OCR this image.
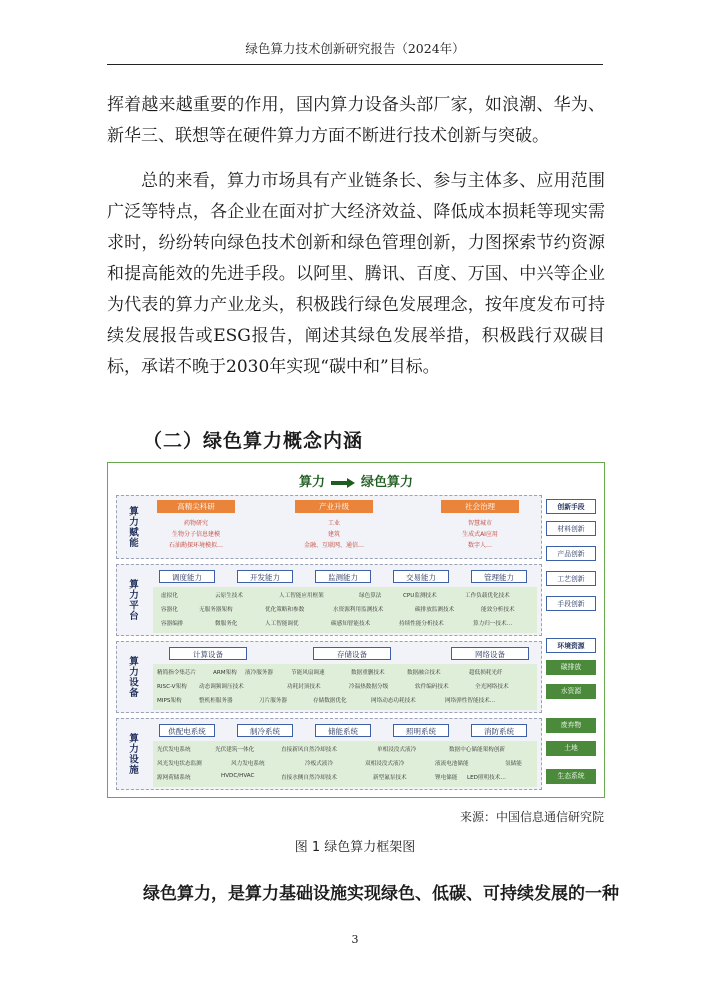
绿色算力技术创新研究报告（2024年）

挥着越来越重要的作用，国内算力设备头部厂家，如浪潮、华为、新华三、联想等在硬件算力方面不断进行技术创新与突破。

总的来看，算力市场具有产业链条长、参与主体多、应用范围广泛等特点，各企业在面对扩大经济效益、降低成本损耗等现实需求时，纷纷转向绿色技术创新和绿色管理创新，力图探索节约资源和提高能效的先进手段。以阿里、腾讯、百度、万国、中兴等企业为代表的算力产业龙头，积极践行绿色发展理念，按年度发布可持续发展报告或ESG报告，阐述其绿色发展举措，积极践行双碳目标，承诺不晚于2030年实现“碳中和”目标。

（二）绿色算力概念内涵
算力	绿色算力
算力赋能	高精尖科研	产业升级	社会治理
药物研究
生物分子信息建模
石油勘探环境模拟…
工业
建筑
金融、互联网、通信…
智慧城市
生成式AI应用
数字人…
算力平台
调度能力	开发能力	监测能力	交易能力	管理能力
虚拟化	云原生技术	人工智能应用框架	绿色算法	CPU监测技术	工作负载优化技术
容器化	无服务器架构	优化策略和参数	水资源利用监测技术	碳排放监测技术	能效分析技术
容器编排	微服务化	人工智能调优	碳感知智能技术	持续性能分析技术	算力归一技术…
算力设备
计算设备	存储设备	网络设备
精简指令集芯片	ARM架构 液冷服务器	节能风扇调速	数据重删技术	数据融合技术	超低损耗光纤
RISC-V架构 动态调频调压技术	功耗封顶技术	冷温热数据分级	软件编码技术	全光网络技术
MIPS架构	整机柜服务器	刀片服务器	存储数据优化	网络动态功耗技术	网络弹性智能技术…
算力设施
供配电系统	制冷系统	储能系统	照明系统	消防系统
光伏发电系统	光伏建筑一体化	直接新风自然冷却技术	单相浸没式液冷	数据中心储能架构创新
风光发电状态监测	风力发电系统	冷板式液冷	双相浸没式液冷	液流电池储能	氢储能
源网荷储系统	HVDC/HVAC	直接水侧自然冷却技术	新型氟泵技术	锂电储能 LED照明技术…
创新手段
材料创新
产品创新
工艺创新
手段创新
环境资源
碳排放
水资源
废弃物
土地
生态系统
来源：中国信息通信研究院
图 1 绿色算力框架图
绿色算力，是算力基础设施实现绿色、低碳、可持续发展的一种
3
